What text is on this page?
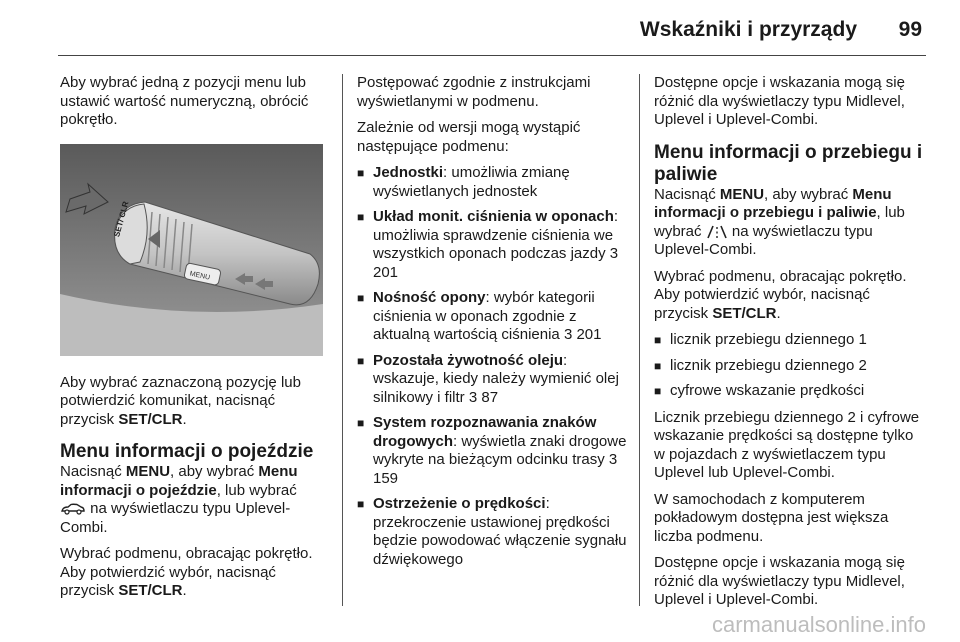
Wskaźniki i przyrządy 99

Aby wybrać jedną z pozycji menu lub ustawić wartość numeryczną, obrócić pokrętło.

MENU
SET/ CLR

Aby wybrać zaznaczoną pozycję lub potwierdzić komunikat, nacisnąć przycisk SET/CLR.

Menu informacji o pojeździe

Nacisnąć MENU, aby wybrać Menu informacji o pojeździe, lub wybrać
na wyświetlaczu typu Uplevel-Combi.

Wybrać podmenu, obracając pokrętło. Aby potwierdzić wybór, nacisnąć przycisk SET/CLR.

Postępować zgodnie z instrukcjami wyświetlanymi w podmenu.

Zależnie od wersji mogą wystąpić następujące podmenu:

■ Jednostki: umożliwia zmianę wyświetlanych jednostek
■ Układ monit. ciśnienia w oponach: umożliwia sprawdzenie ciśnienia we wszystkich oponach podczas jazdy 3 201
■ Nośność opony: wybór kategorii ciśnienia w oponach zgodnie z aktualną wartością ciśnienia 3 201
■ Pozostała żywotność oleju: wskazuje, kiedy należy wymienić olej silnikowy i filtr 3 87
■ System rozpoznawania znaków drogowych: wyświetla znaki drogowe wykryte na bieżącym odcinku trasy 3 159
■ Ostrzeżenie o prędkości: przekroczenie ustawionej prędkości będzie powodować włączenie sygnału dźwiękowego

Dostępne opcje i wskazania mogą się różnić dla wyświetlaczy typu Midlevel, Uplevel i Uplevel-Combi.

Menu informacji o przebiegu i paliwie

Nacisnąć MENU, aby wybrać Menu informacji o przebiegu i paliwie, lub wybrać  na wyświetlaczu typu Uplevel-Combi.

Wybrać podmenu, obracając pokrętło. Aby potwierdzić wybór, nacisnąć przycisk SET/CLR.

■ licznik przebiegu dziennego 1
■ licznik przebiegu dziennego 2
■ cyfrowe wskazanie prędkości

Licznik przebiegu dziennego 2 i cyfrowe wskazanie prędkości są dostępne tylko w pojazdach z wyświetlaczem typu Uplevel lub Uplevel-Combi.

W samochodach z komputerem pokładowym dostępna jest większa liczba podmenu.

Dostępne opcje i wskazania mogą się różnić dla wyświetlaczy typu Midlevel, Uplevel i Uplevel-Combi.

carmanualsonline.info
